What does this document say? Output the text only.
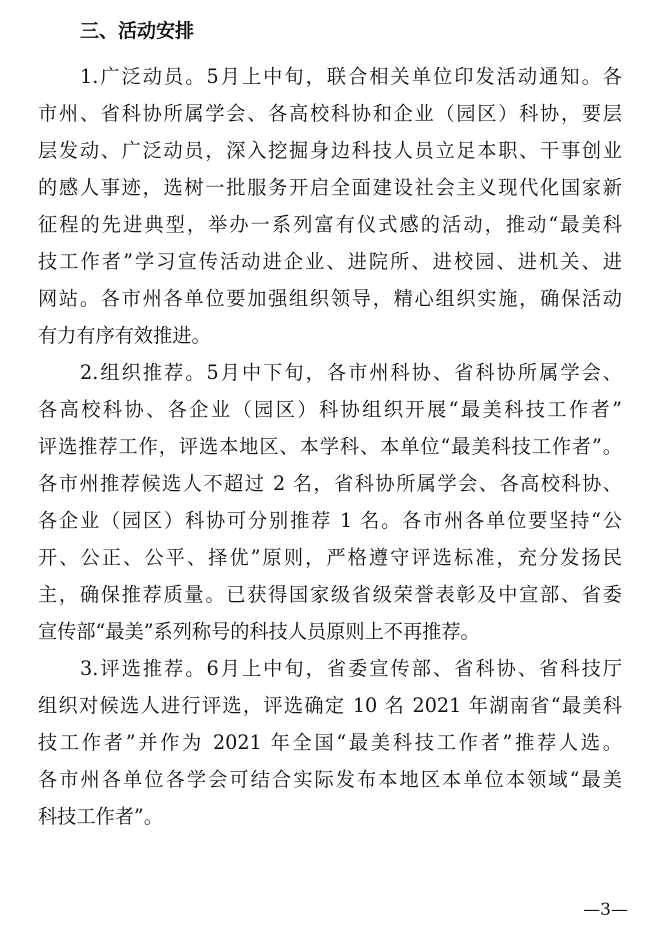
三、活动安排
1.广泛动员。5月上中旬，联合相关单位印发活动通知。各
市州、省科协所属学会、各高校科协和企业（园区）科协，要层
层发动、广泛动员，深入挖掘身边科技人员立足本职、干事创业
的感人事迹，选树一批服务开启全面建设社会主义现代化国家新
征程的先进典型，举办一系列富有仪式感的活动，推动“最美科
技工作者”学习宣传活动进企业、进院所、进校园、进机关、进
网站。各市州各单位要加强组织领导，精心组织实施，确保活动
有力有序有效推进。
2.组织推荐。5月中下旬，各市州科协、省科协所属学会、
各高校科协、各企业（园区）科协组织开展“最美科技工作者”
评选推荐工作，评选本地区、本学科、本单位“最美科技工作者”。
各市州推荐候选人不超过 2 名，省科协所属学会、各高校科协、
各企业（园区）科协可分别推荐 1 名。各市州各单位要坚持“公
开、公正、公平、择优”原则，严格遵守评选标准，充分发扬民
主，确保推荐质量。已获得国家级省级荣誉表彰及中宣部、省委
宣传部“最美”系列称号的科技人员原则上不再推荐。
3.评选推荐。6月上中旬，省委宣传部、省科协、省科技厅
组织对候选人进行评选，评选确定 10 名 2021 年湖南省“最美科
技工作者”并作为 2021 年全国“最美科技工作者”推荐人选。
各市州各单位各学会可结合实际发布本地区本单位本领域“最美
科技工作者”。
—3—
